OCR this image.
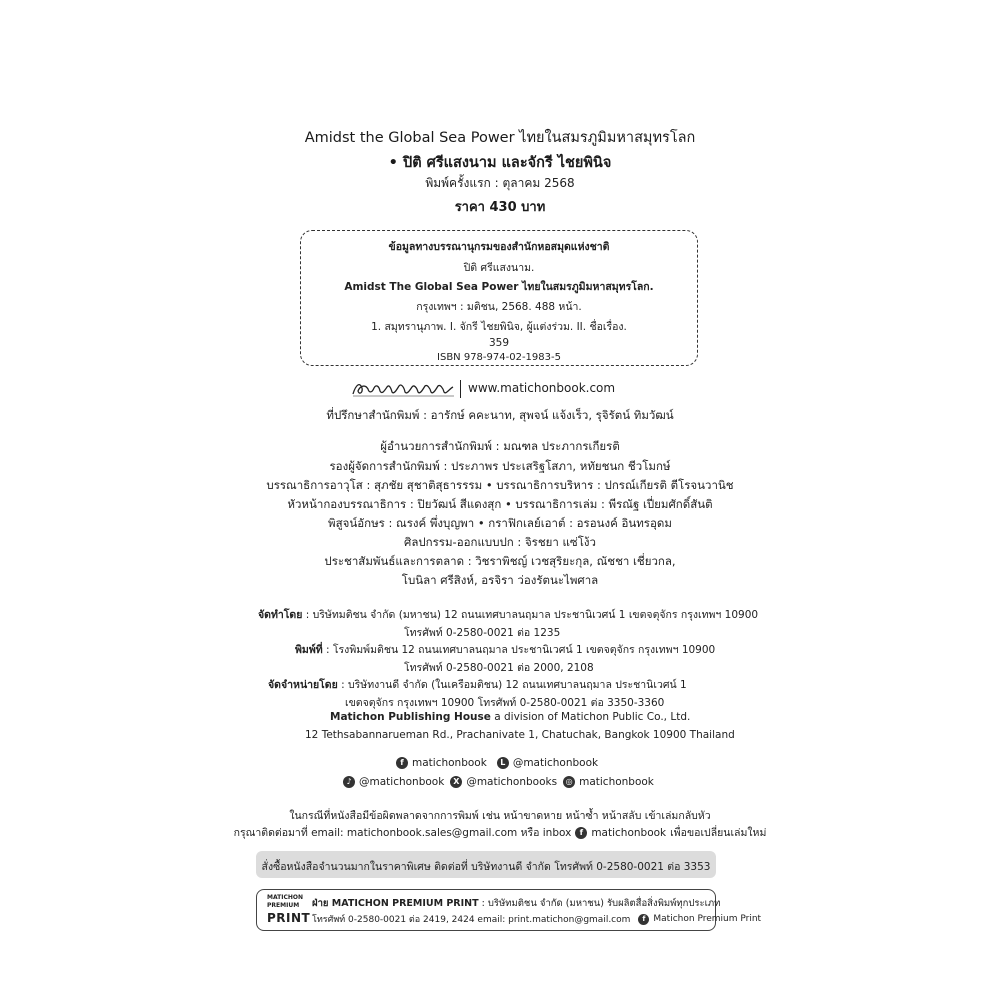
Amidst the Global Sea Power ไทยในสมรภูมิมหาสมุทรโลก
• ปิติ ศรีแสงนาม และจักรี ไชยพินิจ
พิมพ์ครั้งแรก : ตุลาคม 2568
ราคา 430 บาท
ข้อมูลทางบรรณานุกรมของสำนักหอสมุดแห่งชาติ
ปิติ ศรีแสงนาม.
Amidst The Global Sea Power ไทยในสมรภูมิมหาสมุทรโลก.
กรุงเทพฯ : มติชน, 2568. 488 หน้า.
1. สมุทรานุภาพ. I. จักรี ไชยพินิจ, ผู้แต่งร่วม. II. ชื่อเรื่อง.
359
ISBN 978-974-02-1983-5
www.matichonbook.com
ที่ปรึกษาสำนักพิมพ์ : อารักษ์ คคะนาท, สุพจน์ แจ้งเร็ว, รุจิรัตน์ ทิมวัฒน์
ผู้อำนวยการสำนักพิมพ์ : มณฑล ประภากรเกียรติ
รองผู้จัดการสำนักพิมพ์ : ประภาพร ประเสริฐโสภา, หทัยชนก ชีวโมกษ์
บรรณาธิการอาวุโส : สุภชัย สุชาติสุธารรรม • บรรณาธิการบริหาร : ปกรณ์เกียรติ ตีโรจนวานิช
หัวหน้ากองบรรณาธิการ : ปิยวัฒน์ สีแดงสุก • บรรณาธิการเล่ม : พีรณัฐ เปี่ยมศักดิ์สันติ
พิสูจน์อักษร : ณรงค์ พึ่งบุญพา • กราฟิกเลย์เอาต์ : อรอนงค์ อินทรอุดม
ศิลปกรรม-ออกแบบปก : จิรชยา แซ่โง้ว
ประชาสัมพันธ์และการตลาด : วิชราพิชญ์ เวชสุริยะกุล, ณัชชา เชี่ยวกล,
โบนิลา ศรีสิงห์, อรจิรา ว่องรัตนะไพศาล
จัดทำโดย : บริษัทมติชน จำกัด (มหาชน) 12 ถนนเทศบาลนฤมาล ประชานิเวศน์ 1 เขตจตุจักร กรุงเทพฯ 10900
โทรศัพท์ 0-2580-0021 ต่อ 1235
พิมพ์ที่ : โรงพิมพ์มติชน 12 ถนนเทศบาลนฤมาล ประชานิเวศน์ 1 เขตจตุจักร กรุงเทพฯ 10900
โทรศัพท์ 0-2580-0021 ต่อ 2000, 2108
จัดจำหน่ายโดย : บริษัทงานดี จำกัด (ในเครือมติชน) 12 ถนนเทศบาลนฤมาล ประชานิเวศน์ 1
เขตจตุจักร กรุงเทพฯ 10900 โทรศัพท์ 0-2580-0021 ต่อ 3350-3360
Matichon Publishing House a division of Matichon Public Co., Ltd.
12 Tethsabannarueman Rd., Prachanivate 1, Chatuchak, Bangkok 10900 Thailand
f matichonbook	L @matichonbook
♪ @matichonbook	X @matichonbooks	◎ matichonbook
ในกรณีที่หนังสือมีข้อผิดพลาดจากการพิมพ์ เช่น หน้าขาดหาย หน้าซ้ำ หน้าสลับ เข้าเล่มกลับหัว
กรุณาติดต่อมาที่ email: matichonbook.sales@gmail.com หรือ inbox	f matichonbook เพื่อขอเปลี่ยนเล่มใหม่
สั่งซื้อหนังสือจำนวนมากในราคาพิเศษ ติดต่อที่ บริษัทงานดี จำกัด โทรศัพท์ 0-2580-0021 ต่อ 3353
MATICHON
PREMIUM
PRINT
ฝ่าย MATICHON PREMIUM PRINT : บริษัทมติชน จำกัด (มหาชน) รับผลิตสื่อสิ่งพิมพ์ทุกประเภท
โทรศัพท์ 0-2580-0021 ต่อ 2419, 2424 email: print.matichon@gmail.com	f Matichon Premium Print
